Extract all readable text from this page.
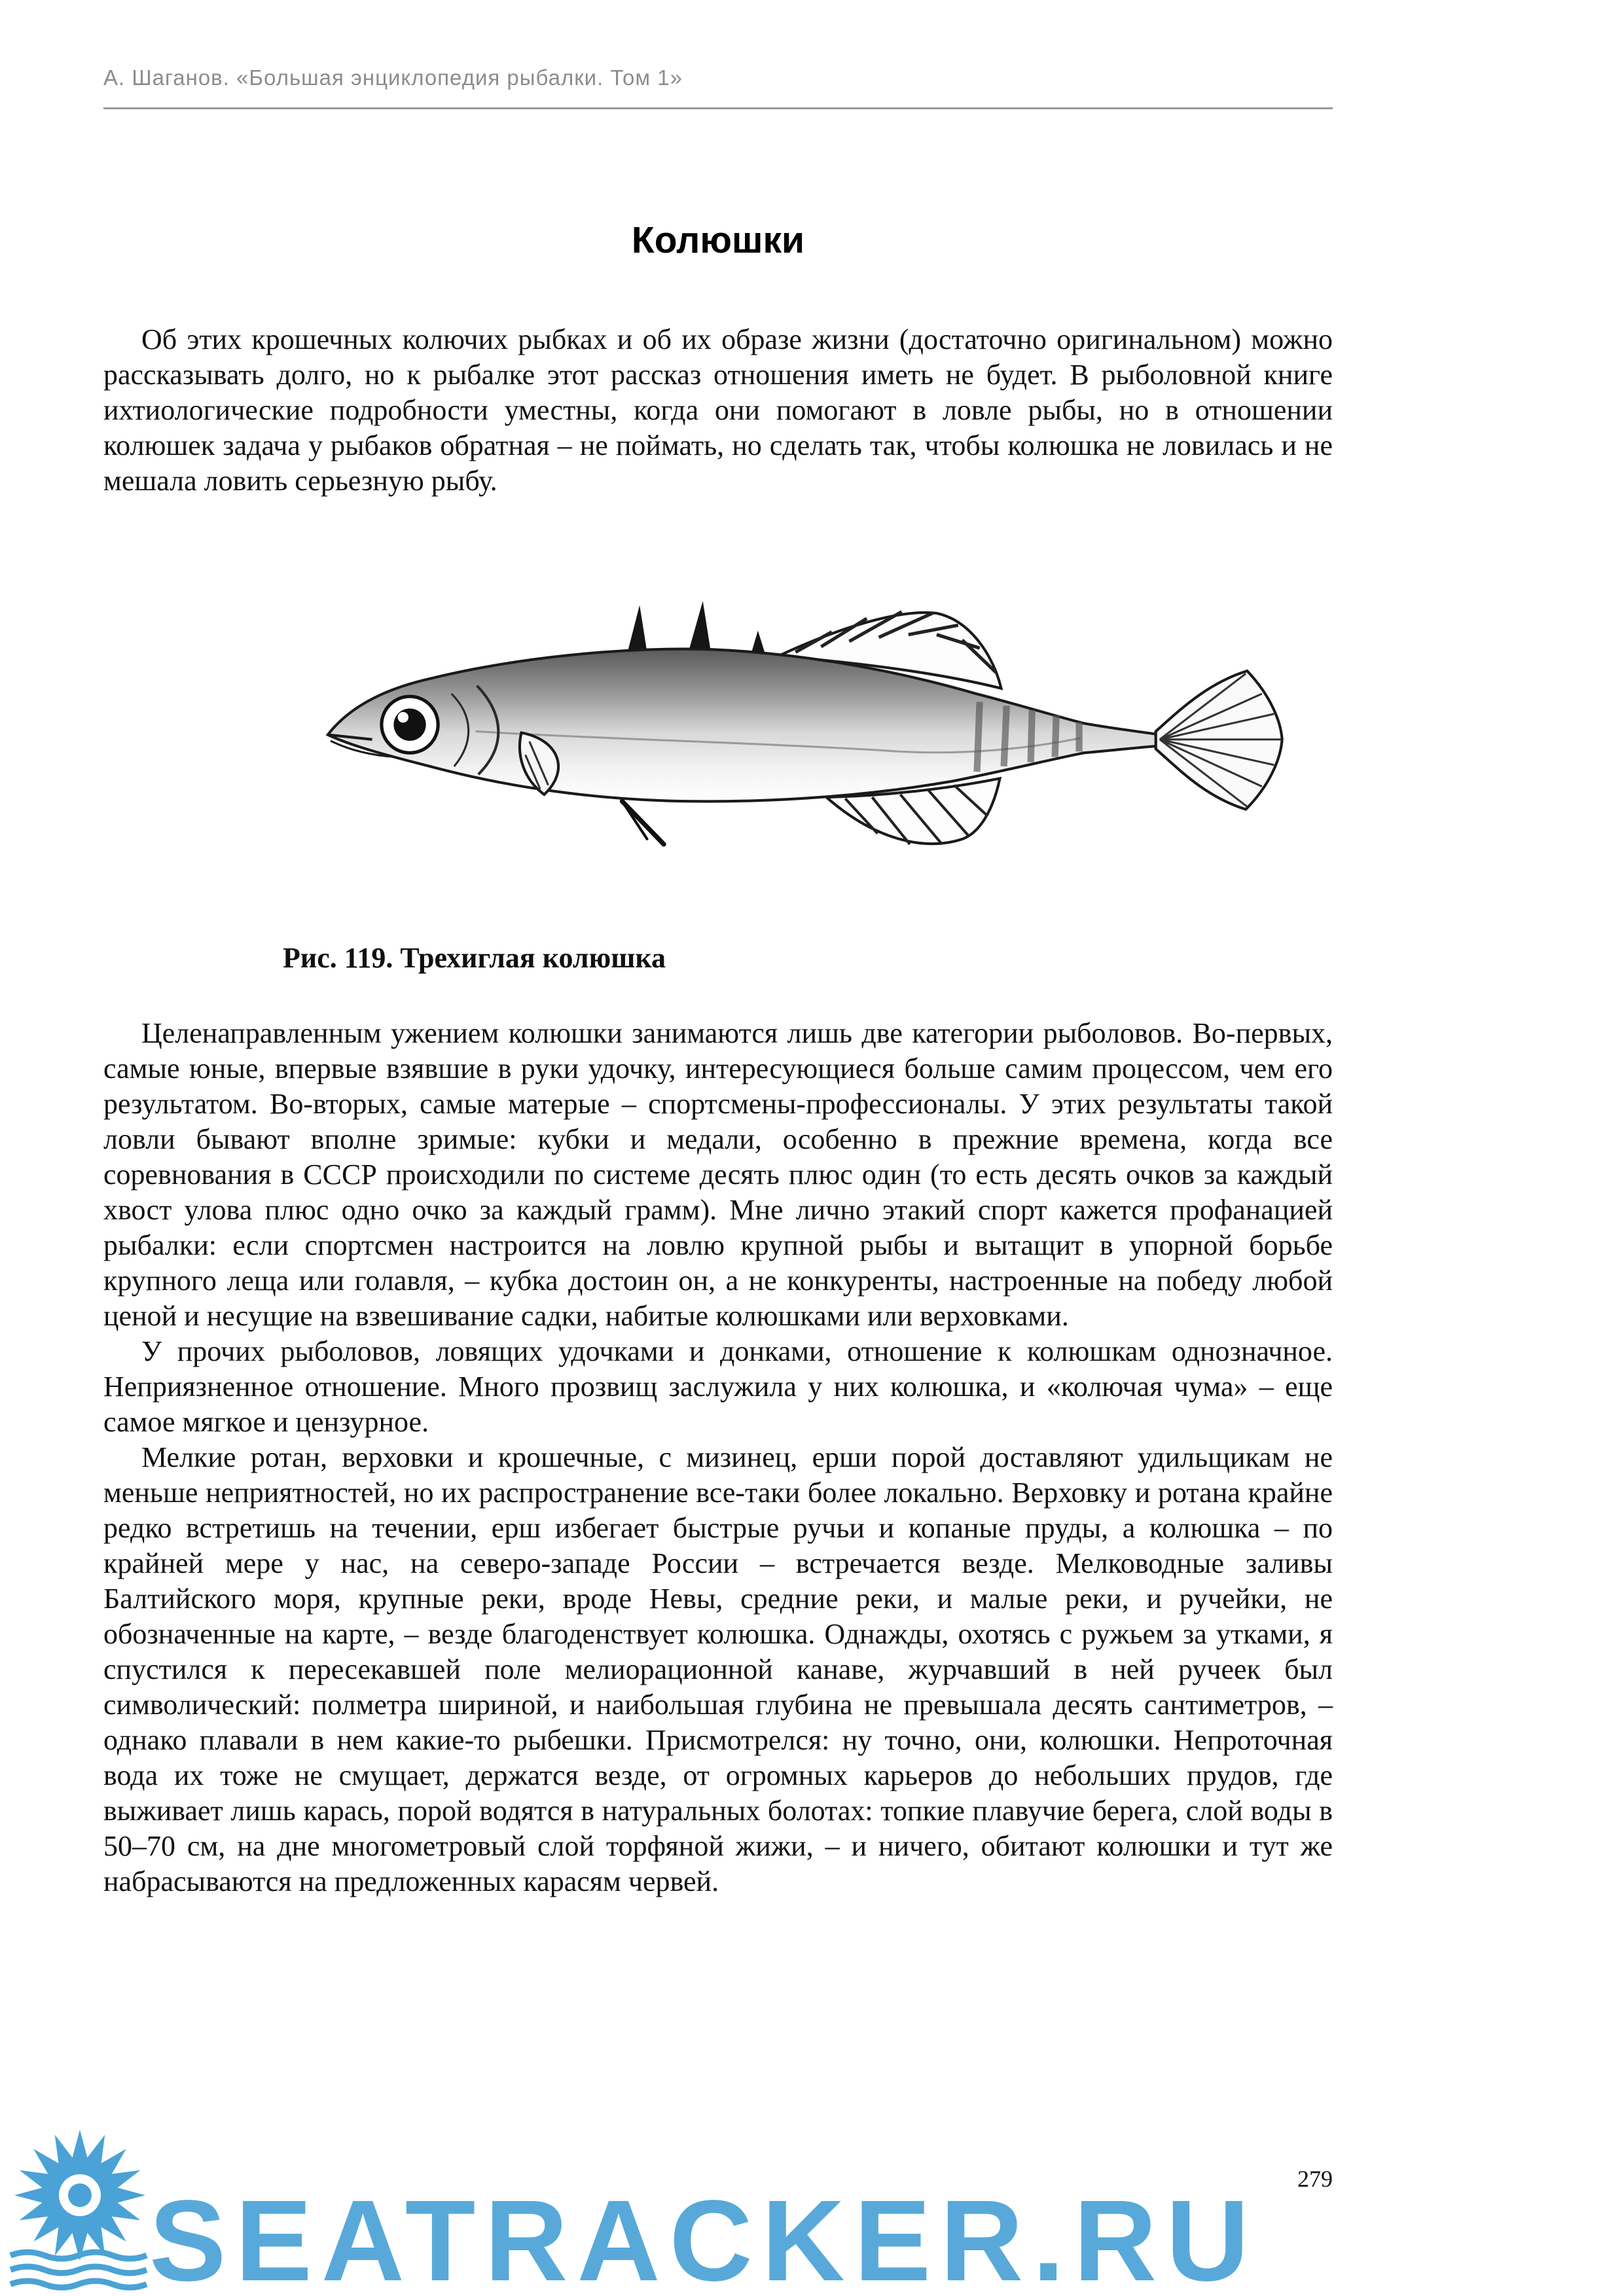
А. Шаганов. «Большая энциклопедия рыбалки. Том 1»
Колюшки

Об этих крошечных колючих рыбках и об их образе жизни (достаточно оригинальном) можно рассказывать долго, но к рыбалке этот рассказ отношения иметь не будет. В рыболовной книге ихтиологические подробности уместны, когда они помогают в ловле рыбы, но в отношении колюшек задача у рыбаков обратная – не поймать, но сделать так, чтобы колюшка не ловилась и не мешала ловить серьезную рыбу.

Рис. 119. Трехиглая колюшка

Целенаправленным ужением колюшки занимаются лишь две категории рыболовов. Во-первых, самые юные, впервые взявшие в руки удочку, интересующиеся больше самим процессом, чем его результатом. Во-вторых, самые матерые – спортсмены-профессионалы. У этих результаты такой ловли бывают вполне зримые: кубки и медали, особенно в прежние времена, когда все соревнования в СССР происходили по системе десять плюс один (то есть десять очков за каждый хвост улова плюс одно очко за каждый грамм). Мне лично этакий спорт кажется профанацией рыбалки: если спортсмен настроится на ловлю крупной рыбы и вытащит в упорной борьбе крупного леща или голавля, – кубка достоин он, а не конкуренты, настроенные на победу любой ценой и несущие на взвешивание садки, набитые колюшками или верховками.

У прочих рыболовов, ловящих удочками и донками, отношение к колюшкам однозначное. Неприязненное отношение. Много прозвищ заслужила у них колюшка, и «колючая чума» – еще самое мягкое и цензурное.

Мелкие ротан, верховки и крошечные, с мизинец, ерши порой доставляют удильщикам не меньше неприятностей, но их распространение все-таки более локально. Верховку и ротана крайне редко встретишь на течении, ерш избегает быстрые ручьи и копаные пруды, а колюшка – по крайней мере у нас, на северо-западе России – встречается везде. Мелководные заливы Балтийского моря, крупные реки, вроде Невы, средние реки, и малые реки, и ручейки, не обозначенные на карте, – везде благоденствует колюшка. Однажды, охотясь с ружьем за утками, я спустился к пересекавшей поле мелиорационной канаве, журчавший в ней ручеек был символический: полметра шириной, и наибольшая глубина не превышала десять сантиметров, – однако плавали в нем какие-то рыбешки. Присмотрелся: ну точно, они, колюшки. Непроточная вода их тоже не смущает, держатся везде, от огромных карьеров до небольших прудов, где выживает лишь карась, порой водятся в натуральных болотах: топкие плавучие берега, слой воды в 50–70 см, на дне многометровый слой торфяной жижи, – и ничего, обитают колюшки и тут же набрасываются на предложенных карасям червей.

279
SEATRACKER.RU
